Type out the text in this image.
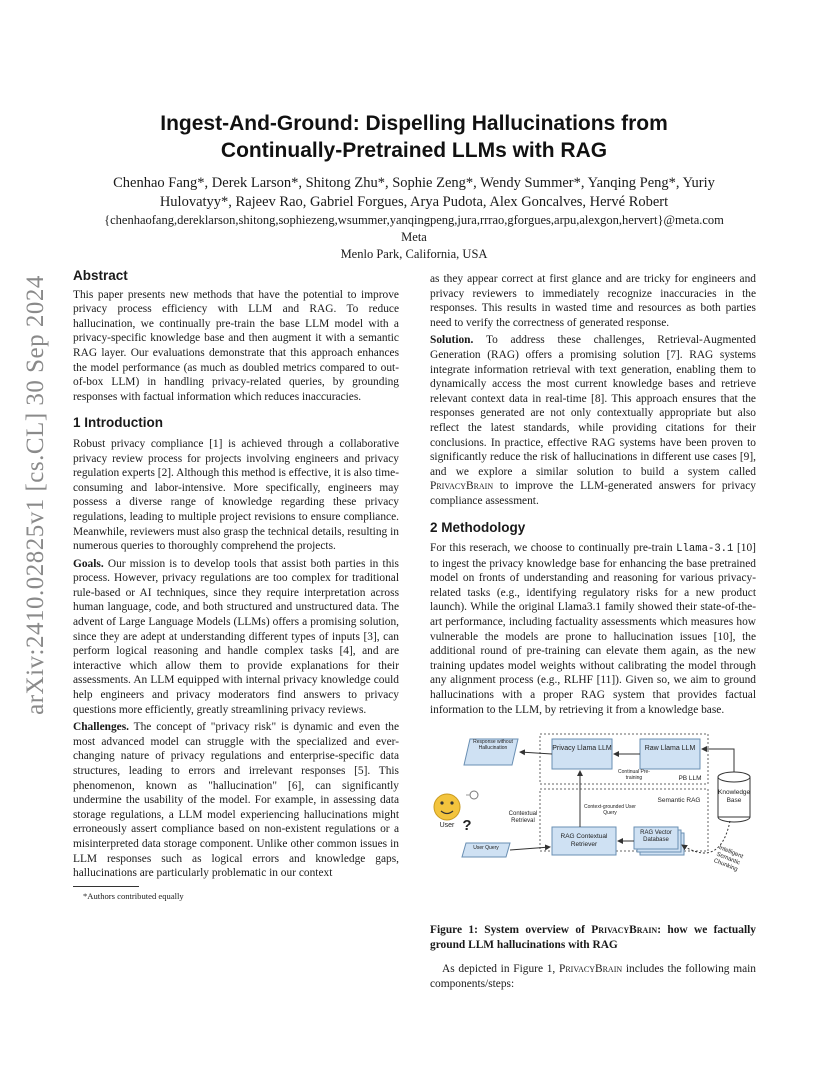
arXiv:2410.02825v1 [cs.CL] 30 Sep 2024
Ingest-And-Ground: Dispelling Hallucinations from
Continually-Pretrained LLMs with RAG
Chenhao Fang*, Derek Larson*, Shitong Zhu*, Sophie Zeng*, Wendy Summer*, Yanqing Peng*, Yuriy
Hulovatyy*, Rajeev Rao, Gabriel Forgues, Arya Pudota, Alex Goncalves, Hervé Robert
{chenhaofang,dereklarson,shitong,sophiezeng,wsummer,yanqingpeng,jura,rrrao,gforgues,arpu,alexgon,hervert}@meta.com
Meta
Menlo Park, California, USA
Abstract

This paper presents new methods that have the potential to improve privacy process efficiency with LLM and RAG. To reduce hallucination, we continually pre-train the base LLM model with a privacy-specific knowledge base and then augment it with a semantic RAG layer. Our evaluations demonstrate that this approach enhances the model performance (as much as doubled metrics compared to out-of-box LLM) in handling privacy-related queries, by grounding responses with factual information which reduces inaccuracies.

1 Introduction

Robust privacy compliance [1] is achieved through a collaborative privacy review process for projects involving engineers and privacy regulation experts [2]. Although this method is effective, it is also time-consuming and labor-intensive. More specifically, engineers may possess a diverse range of knowledge regarding these privacy regulations, leading to multiple project revisions to ensure compliance. Meanwhile, reviewers must also grasp the technical details, resulting in numerous queries to thoroughly comprehend the projects.

Goals. Our mission is to develop tools that assist both parties in this process. However, privacy regulations are too complex for traditional rule-based or AI techniques, since they require interpretation across human language, code, and both structured and unstructured data. The advent of Large Language Models (LLMs) offers a promising solution, since they are adept at understanding different types of inputs [3], can perform logical reasoning and handle complex tasks [4], and are interactive which allow them to provide explanations for their assessments. An LLM equipped with internal privacy knowledge could help engineers and privacy moderators find answers to privacy questions more efficiently, greatly streamlining privacy reviews.

Challenges. The concept of "privacy risk" is dynamic and even the most advanced model can struggle with the specialized and ever-changing nature of privacy regulations and enterprise-specific data structures, leading to errors and irrelevant responses [5]. This phenomenon, known as "hallucination" [6], can significantly undermine the usability of the model. For example, in assessing data storage regulations, a LLM model experiencing hallucinations might erroneously assert compliance based on non-existent regulations or a misinterpreted data storage component. Unlike other common issues in LLM responses such as logical errors and knowledge gaps, hallucinations are particularly problematic in our context

*Authors contributed equally

as they appear correct at first glance and are tricky for engineers and privacy reviewers to immediately recognize inaccuracies in the responses. This results in wasted time and resources as both parties need to verify the correctness of generated response.

Solution. To address these challenges, Retrieval-Augmented Generation (RAG) offers a promising solution [7]. RAG systems integrate information retrieval with text generation, enabling them to dynamically access the most current knowledge bases and retrieve relevant context data in real-time [8]. This approach ensures that the responses generated are not only contextually appropriate but also reflect the latest standards, while providing citations for their conclusions. In practice, effective RAG systems have been proven to significantly reduce the risk of hallucinations in different use cases [9], and we explore a similar solution to build a system called PrivacyBrain to improve the LLM-generated answers for privacy compliance assessment.

2 Methodology

For this reserach, we choose to continually pre-train Llama-3.1 [10] to ingest the privacy knowledge base for enhancing the base pretrained model on fronts of understanding and reasoning for various privacy-related tasks (e.g., identifying regulatory risks for a new product launch). While the original Llama3.1 family showed their state-of-the-art performance, including factuality assessments which measures how vulnerable the models are prone to hallucination issues [10], the additional round of pre-training can elevate them again, as the new training updates model weights without calibrating the model through any alignment process (e.g., RLHF [11]). Given so, we aim to ground hallucinations with a proper RAG system that provides factual information to the LLM, by retrieving it from a knowledge base.

Response without Hallucination	Privacy Llama LLM	Raw Llama LLM
Continual Pre-training	PB LLM
Knowledge Base
User ?
Contextual Retrieval
Context-grounded User Query
Semantic RAG
User Query
RAG Contextual Retriever
RAG Vector Database
Intelligent Semantic Chunking

Figure 1: System overview of PrivacyBrain: how we factually ground LLM hallucinations with RAG

As depicted in Figure 1, PrivacyBrain includes the following main components/steps:
